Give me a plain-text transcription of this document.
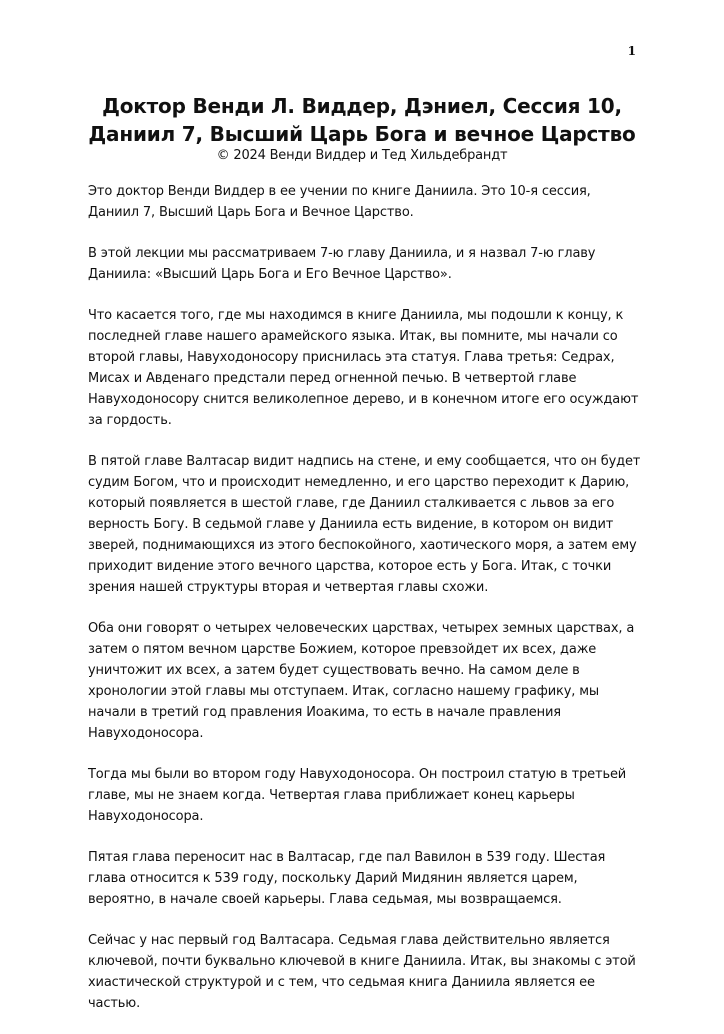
1

Доктор Венди Л. Виддер, Дэниел, Сессия 10,

Даниил 7, Высший Царь Бога и вечное Царство

© 2024 Венди Виддер и Тед Хильдебрандт

Это доктор Венди Виддер в ее учении по книге Даниила. Это 10-я сессия, Даниил 7, Высший Царь Бога и Вечное Царство.

В этой лекции мы рассматриваем 7-ю главу Даниила, и я назвал 7-ю главу Даниила: «Высший Царь Бога и Его Вечное Царство».

Что касается того, где мы находимся в книге Даниила, мы подошли к концу, к последней главе нашего арамейского языка. Итак, вы помните, мы начали со второй главы, Навуходоносору приснилась эта статуя. Глава третья: Седрах, Мисах и Авденаго предстали перед огненной печью. В четвертой главе Навуходоносору снится великолепное дерево, и в конечном итоге его осуждают за гордость.

В пятой главе Валтасар видит надпись на стене, и ему сообщается, что он будет судим Богом, что и происходит немедленно, и его царство переходит к Дарию, который появляется в шестой главе, где Даниил сталкивается с львов за его верность Богу. В седьмой главе у Даниила есть видение, в котором он видит зверей, поднимающихся из этого беспокойного, хаотического моря, а затем ему приходит видение этого вечного царства, которое есть у Бога. Итак, с точки зрения нашей структуры вторая и четвертая главы схожи.

Оба они говорят о четырех человеческих царствах, четырех земных царствах, а затем о пятом вечном царстве Божием, которое превзойдет их всех, даже уничтожит их всех, а затем будет существовать вечно. На самом деле в хронологии этой главы мы отступаем. Итак, согласно нашему графику, мы начали в третий год правления Иоакима, то есть в начале правления Навуходоносора.

Тогда мы были во втором году Навуходоносора. Он построил статую в третьей главе, мы не знаем когда. Четвертая глава приближает конец карьеры Навуходоносора.

Пятая глава переносит нас в Валтасар, где пал Вавилон в 539 году. Шестая глава относится к 539 году, поскольку Дарий Мидянин является царем, вероятно, в начале своей карьеры. Глава седьмая, мы возвращаемся.

Сейчас у нас первый год Валтасара. Седьмая глава действительно является ключевой, почти буквально ключевой в книге Даниила. Итак, вы знакомы с этой хиастической структурой и с тем, что седьмая книга Даниила является ее частью.
